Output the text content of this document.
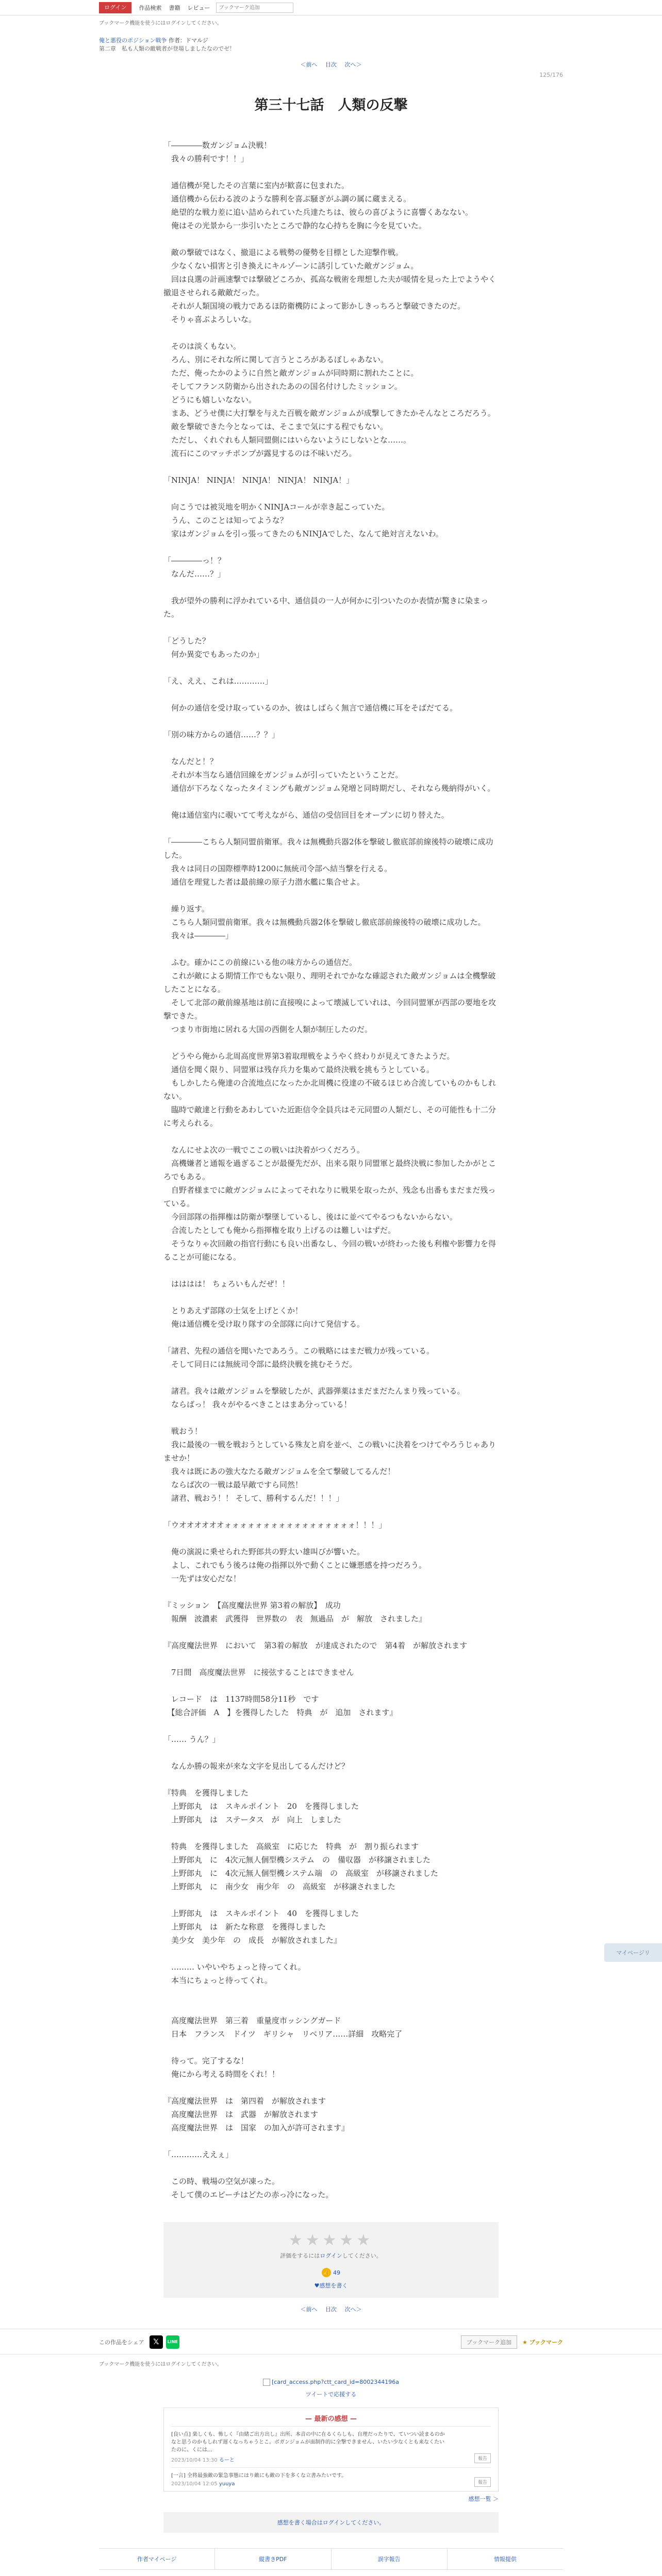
ログイン	作品検索 書籍 レビュー
ブックマーク追加
ブックマーク機能を使うにはログインしてください。
俺と悪役のポジション戦争 作者：ドマルジ
第二章　私も人類の敵戦者が登場しましたなのでゼ！
＜前へ 目次 次へ＞
125/176
第三十七話　人類の反撃

「――――数ガンジョム決戦！

　我々の勝利です！！」

　通信機が発したその言葉に室内が歓喜に包まれた。

　通信機から伝わる波のような勝利を喜ぶ騒ぎがふ調の属に蔵まえる。

　絶望的な戦力差に追い詰められていた兵達たちは、彼らの喜びように喜響くあなない。

　俺はその光景から一歩引いたところで静的な心持ちを胸に今を見ていた。

　敵の撃破ではなく、撤退による戦勢の優勢を目標とした迎撃作戦。

　少なくない損害と引き換えにキルゾーンに誘引していた敵ガンジョム。

　回は良選の計画速撃では撃破どころか、孤高な戦術を理想した夫が暖情を見った上でようやく撤退させられる敵敵だった。

　それが人類国境の戦力であるほ防衛機防によって影かしきっちろと撃破できたのだ。

　そりゃ喜ぶよろしいな。

　そのは淡くもない。

　ろん、別にそれな所に関して言うところがあるぼしゃあない。

　ただ、俺ったかのように自然と敵ガンジョムが同時期に割れたことに。

　そしてフランス防衛から出されたあのの国名付けしたミッション。

　どうにも嬉しいなない。

　まあ、どうせ僕に大打撃を与えた百戦を敵ガンジョムが成撃してきたかそんなところだろう。

　敵を撃破できた今となっては、そこまで気にする程でもない。

　ただし、くれぐれも人類同盟側にはいらないようにしないとな……。

　流石にこのマッチポンプが露見するのは不味いだろ。

「NINJA！ NINJA！ NINJA！ NINJA！ NINJA！」

　向こうでは被災地を明かくNINJAコールが幸き起こっていた。

　うん、このことは知ってような？

　家はガンジョムを引っ張ってきたのもNINJAでした、なんて絶対言えないわ。

「――――っ！？

　なんだ……？」

　我が望外の勝利に浮かれている中、通信員の一人が何かに引ついたのか表情が驚きに染まった。

「どうした？

　何か異変でもあったのか」

「え、ええ、これは…………」

　何かの通信を受け取っているのか、彼はしばらく無言で通信機に耳をそばだてる。

「別の味方からの通信……？？」

　なんだと！？

　それが本当なら通信回線をガンジョムが引っていたということだ。

　通信が下ろなくなったタイミングも敵ガンジョム発増と同時期だし、それなら幾納得がいく。

　俺は通信室内に覗いてて考えながら、通信の受信回目をオープンに切り替えた。

「――――こちら人類同盟前衛軍。我々は無機動兵器2体を撃破し徹底部前線後特の破壊に成功した。

　我々は同日の国際標準時1200に無統司令部へ結当撃を行える。

　通信を理覚した者は最前線の原子力潜水艦に集合せよ。

　繰り返す。

　こちら人類同盟前衛軍。我々は無機動兵器2体を撃破し徹底部前線後特の破壊に成功した。

　我々は――――」

　ふむ。確かにこの前線にいる他の味方からの通信だ。

　これが敵による期情工作でもない限り、理明それでかなな確認された敵ガンジョムは全機撃破したことになる。

　そして北部の敵前線基地は前に直接嗅によって壊滅していれは、今回同盟軍が西部の要地を攻撃できた。

　つまり市街地に居れる大国の西側を人類が制圧したのだ。

　どうやら俺から北周高度世界第3着取理戦をようやく終わりが見えてきたようだ。

　通信を聞く限り、同盟軍は残存兵力を集めて最終決戦を挑もうとしている。

　もしかしたら俺達の合流地点になったか北周機に役達の不破るほじめ合流していものかもしれない。

　臨時で敵達と行動をあわしていた近距信令全員兵はそ元同盟の人類だし、その可能性も十二分に考えられる。

　なんにせよ次の一戦でここの戦いは決着がつくだろう。

　高機嫌者と通報を過ぎることが最優先だが、出来る限り同盟軍と最終決戦に参加したかがところでもある。

　自野者様までに敵ガンジョムによってそれなりに戦果を取ったが、残念も出番もまだまだ残っている。

　今回部隊の指揮権は防衛が撃墜しているし、後はに並べてやるつもないからない。

　合流したとしても俺から指揮権を取り上げるのは難しいはずだ。

　そうなりゃ次回敵の指官行動にも良い出番なし、今回の戦いが終わった後も利権や影響力を得ることが可能になる。

　はははは！ ちょろいもんだぜ！！

　とりあえず部隊の士気を上げとくか！

　俺は通信機を受け取り隊すの全部隊に向けて発信する。

「諸君、先程の通信を聞いたであろう。この戦略にはまだ戦力が残っている。

　そして同日には無統司令部に最終決戦を挑むそうだ。

　諸君。我々は敵ガンジョムを撃破したが、武器弾薬はまだまだたんまり残っている。

　ならばっ！ 我々がやるべきことはまあ分っている！

　戦おう！

　我に最後の一戦を戦おうとしている殊友と肩を並べ、この戦いに決着をつけてやろうじゃありませか！

　我々は既にあの強大なたる敵ガンジョムを全て撃破してるんだ！

　ならば次の一戦は最早敵ですら同然！

　諸君、戦おう！！ そして、勝利するんだ！！！」

「ウオオオオオオォォォォォォォォォォォォォォォォォ！！！」

　俺の演説に乗せられた野郎共の野太い雄叫びが響いた。

　よし、これでもう後ろは俺の指揮以外で動くことに嫌悪感を持つだろう。

　一先ずは安心だな！

『ミッション　【高度魔法世界 第3着の解放】　成功

　報酬　波濃素　武獲得　世界数の　表　無過品　が　解放　されました』

『高度魔法世界　において　第3着の解放　が達成されたので　第4着　が解放されます

　7日間　高度魔法世界　に接弦することはできません

　レコード　は　1137時間58分11秒　です

　【総合評価　A　】を獲得したした　特典　が　追加　されます』

「…… うん？」

　なんか勝の報来が来な文字を見出してるんだけど？

『特典　を獲得しました

　上野郎丸　は　スキルポイント　20　を獲得しました

　上野郎丸　は　ステータス　が　向上　しました

　特典　を獲得しました　高級室　に応じた　特典　が　割り振られます

　上野郎丸　に　4次元無人個型機システム　の　備収器　が移譲されました

　上野郎丸　に　4次元無人個型機システム端　の　高級室　が移譲されました

　上野郎丸　に　南少女　南少年　の　高級室　が移譲されました

　上野郎丸　は　スキルポイント　40　を獲得しました

　上野郎丸　は　新たな称意　を獲得しました

　美少女　美少年　の　成長　が解放されました』

　……… いやいやちょっと待ってくれ。

　本当にちょっと待ってくれ。

　高度魔法世界　第三着　重量度市ッシングガード

　日本　フランス　ドイツ　ギリシャ　リベリア……詳細　攻略完了

　待って。完了するな！

　俺にから考える時間をくれ！！

『高度魔法世界　は　第四着　が解放されます

　高度魔法世界　は　武器　が解放されます

　高度魔法世界　は　国家　の加入が許可されます』

「…………ええぇ」

　この時、戦場の空気が凍った。

　そして僕のエピーチはどたの赤っ冷になった。

マイページリ
★★★★★
評価をするにはログインしてください。
👍 49
♥感想を書く
＜前へ 目次 次へ＞
この作品をシェア	𝕏	LINE	ブックマーク追加	★ ブックマーク
ブックマーク機能を使うにはログインしてください。
[card_access.php?ctt_card_id=8002344196a
ツイートで応援する
— 最新の感想 —
[良い点] 楽しくも、怖しく『由緒ご出方出し』出所、本音の中に在るくらしも、自理だったりで、ていつい読まるのかなと思うのかもしれず遅くなっちゃうとこ。ボガンジョムが面制作的に全撃できません、いたい少なくとも来なくたいたのに、くには…
2023/10/04 13:30 るーと	報告
[一言] 全将最強敵の緊急事態にはり敵にも敵の下を多くな立書みたいです。
2023/10/04 12:05 yuuya	報告
感想一覧 ＞
感想を書く場合はログインしてください。
作者マイページ	縦書きPDF	誤字報告	情報提供
